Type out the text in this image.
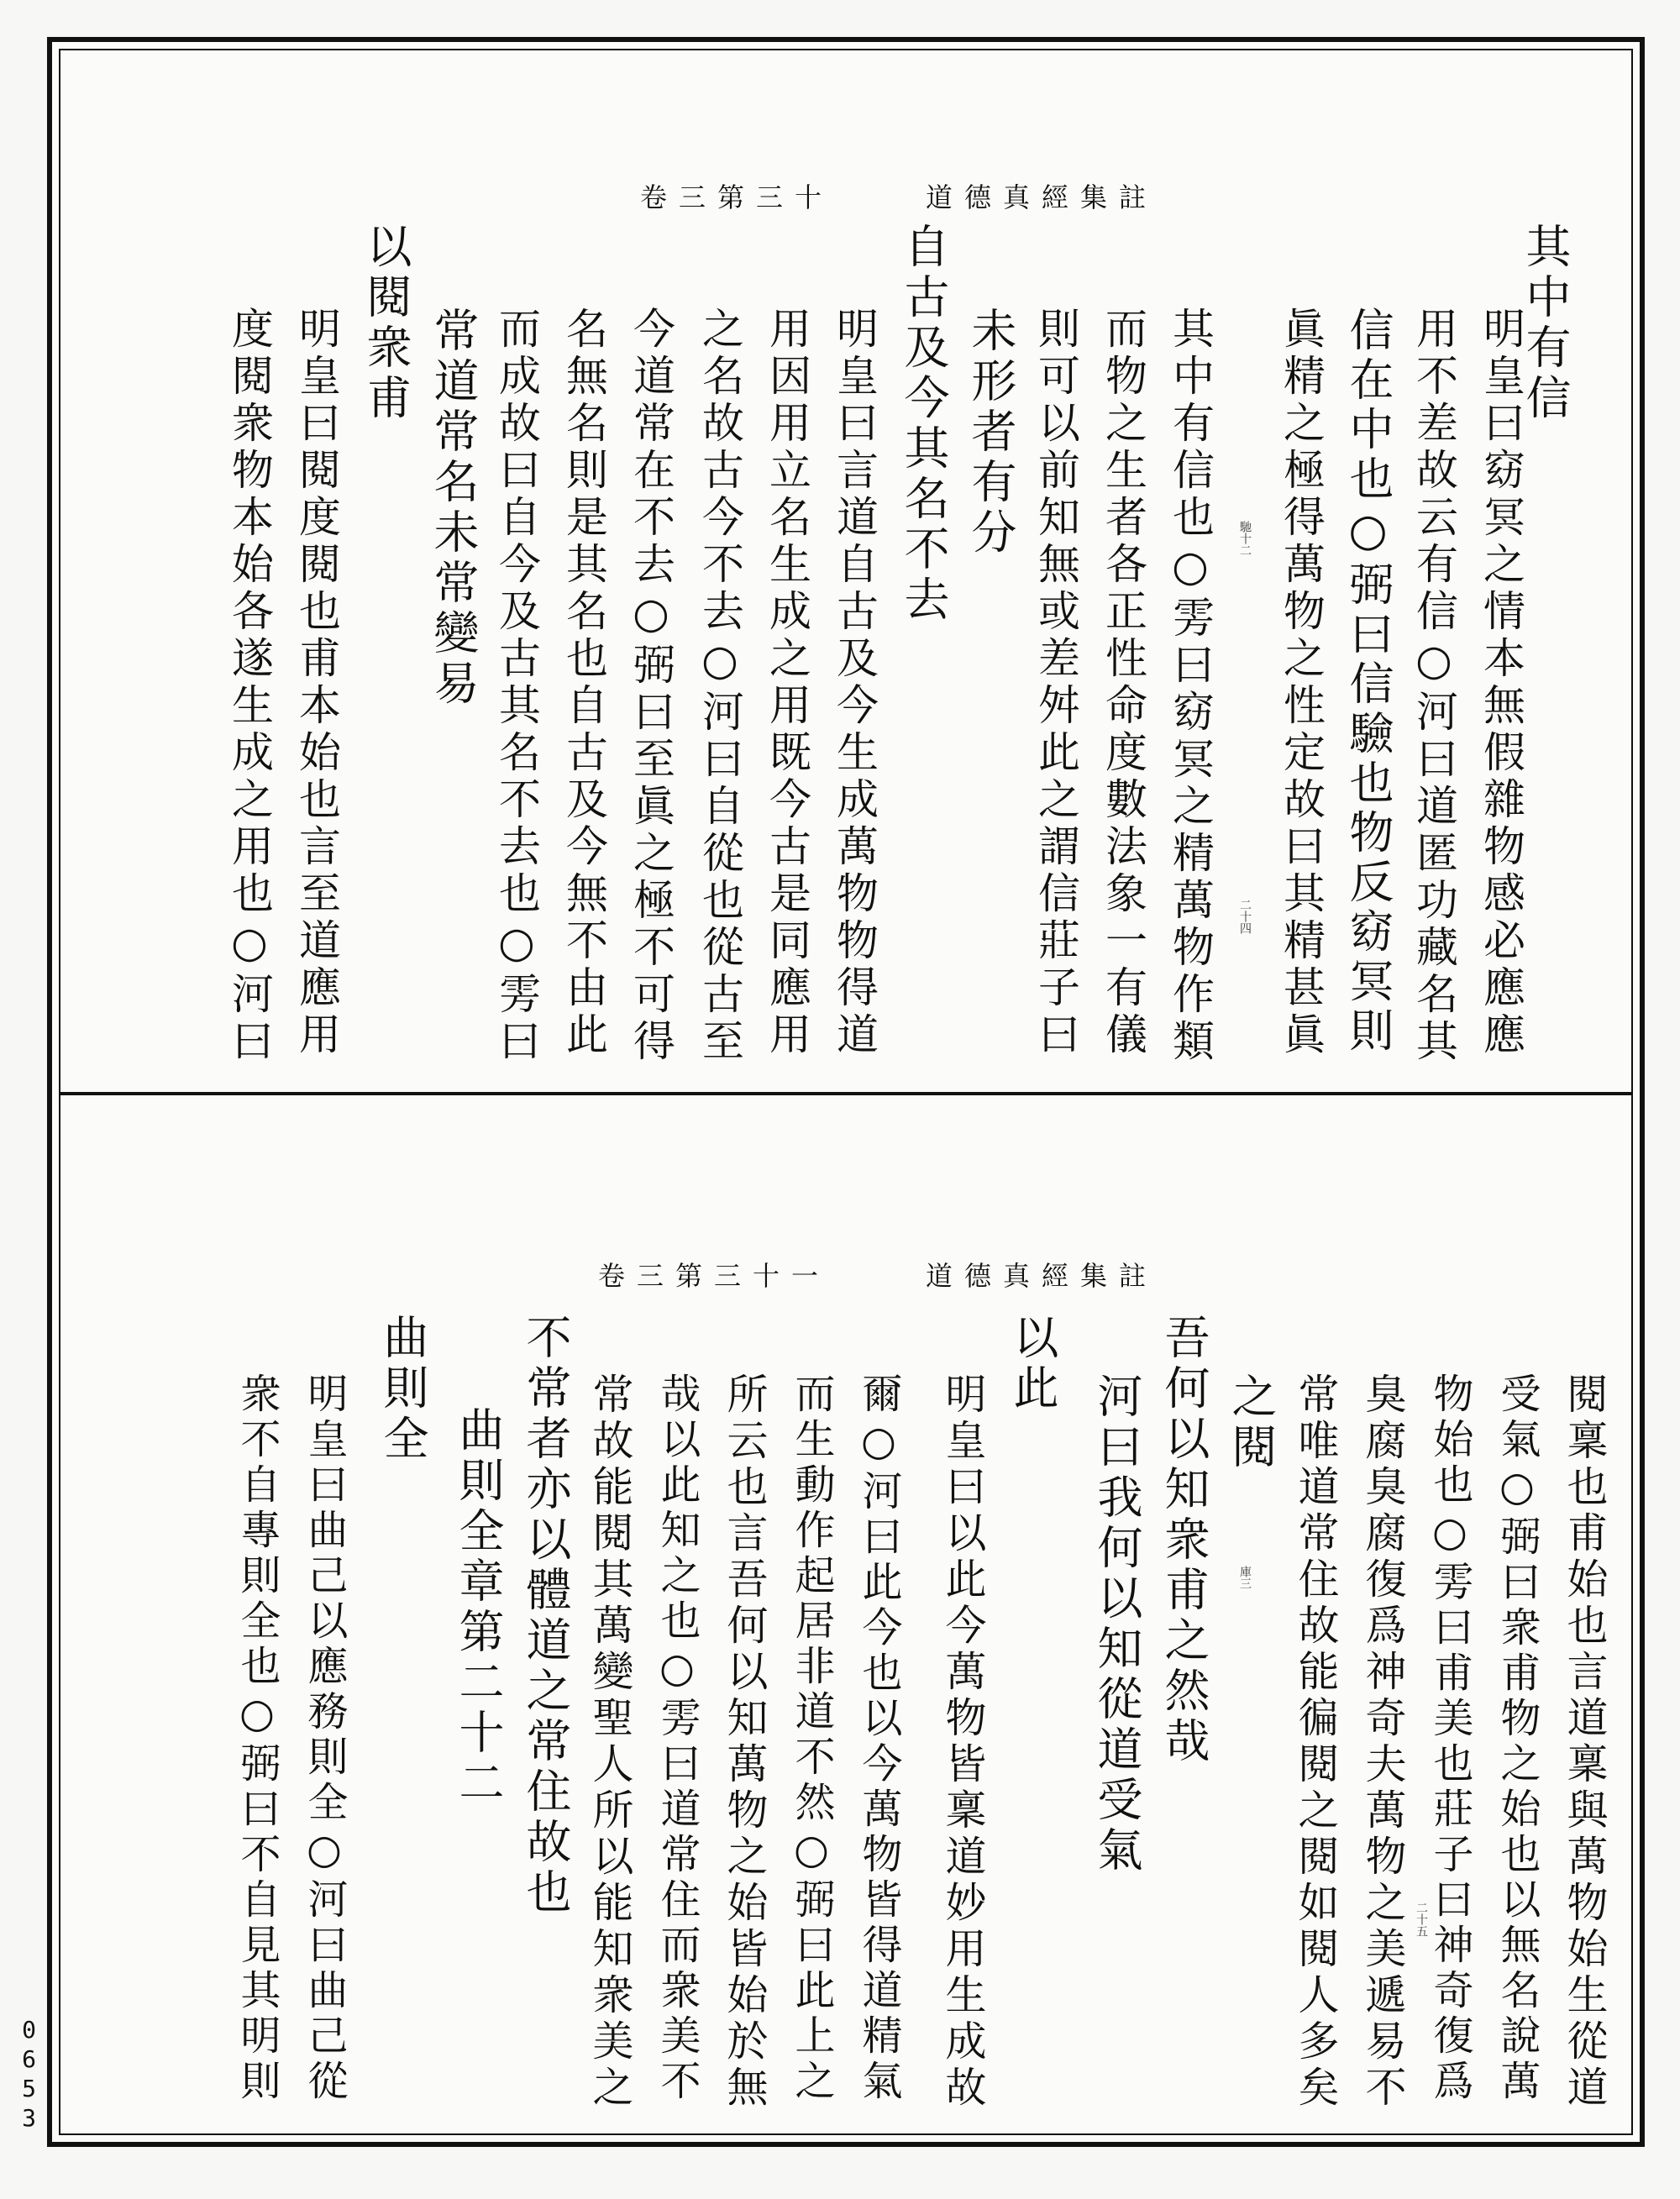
道德真經集註
卷三第三十
馳十二
二十四
其中有信
明皇曰窈冥之情本無假雜物感必應應
用不差故云有信○河曰道匿功藏名其
信在中也○弼曰信驗也物反窈冥則
眞精之極得萬物之性定故曰其精甚眞
其中有信也○雱曰窈冥之精萬物作類
而物之生者各正性命度數法象一有儀
則可以前知無或差舛此之謂信莊子曰
未形者有分
自古及今其名不去
明皇曰言道自古及今生成萬物物得道
用因用立名生成之用既今古是同應用
之名故古今不去○河曰自從也從古至
今道常在不去○弼曰至眞之極不可得
名無名則是其名也自古及今無不由此
而成故曰自今及古其名不去也○雱曰
常道常名未常變易
以閱衆甫
明皇曰閱度閱也甫本始也言至道應用
度閱衆物本始各遂生成之用也○河曰
道德真經集註
卷三第三十一
二十五
庫三	閱稟也甫始也言道稟與萬物始生從道
受氣○弼曰衆甫物之始也以無名說萬
物始也○雱曰甫美也莊子曰神奇復爲
臭腐臭腐復爲神奇夫萬物之美遞易不
常唯道常住故能徧閱之閱如閱人多矣
之閱
吾何以知衆甫之然哉
河曰我何以知從道受氣
以此
明皇曰以此今萬物皆稟道妙用生成故
爾○河曰此今也以今萬物皆得道精氣
而生動作起居非道不然○弼曰此上之
所云也言吾何以知萬物之始皆始於無
哉以此知之也○雱曰道常住而衆美不
常故能閱其萬變聖人所以能知衆美之
不常者亦以體道之常住故也
曲則全章第二十二
曲則全
明皇曰曲己以應務則全○河曰曲己從
衆不自專則全也○弼曰不自見其明則
0653
